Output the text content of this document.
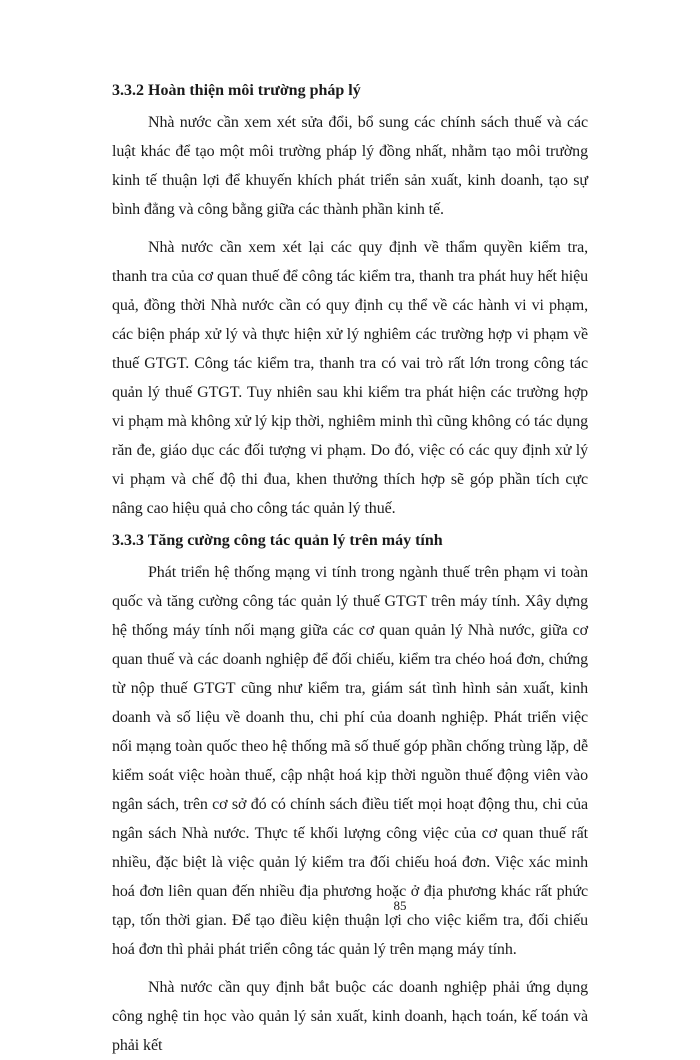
3.3.2 Hoàn thiện môi trường pháp lý

Nhà nước cần xem xét sửa đổi, bổ sung các chính sách thuế và các luật khác để tạo một môi trường pháp lý đồng nhất, nhằm tạo môi trường kinh tế thuận lợi để khuyến khích phát triển sản xuất, kinh doanh, tạo sự bình đẳng và công bằng giữa các thành phần kinh tế.

Nhà nước cần xem xét lại các quy định về thẩm quyền kiểm tra, thanh tra của cơ quan thuế để công tác kiểm tra, thanh tra phát huy hết hiệu quả, đồng thời Nhà nước cần có quy định cụ thể về các hành vi vi phạm, các biện pháp xử lý và thực hiện xử lý nghiêm các trường hợp vi phạm về thuế GTGT. Công tác kiểm tra, thanh tra có vai trò rất lớn trong công tác quản lý thuế GTGT. Tuy nhiên sau khi kiểm tra phát hiện các trường hợp vi phạm mà không xử lý kịp thời, nghiêm minh thì cũng không có tác dụng răn đe, giáo dục các đối tượng vi phạm. Do đó, việc có các quy định xử lý vi phạm và chế độ thi đua, khen thưởng thích hợp sẽ góp phần tích cực nâng cao hiệu quả cho công tác quản lý thuế.

3.3.3 Tăng cường công tác quản lý trên máy tính

Phát triển hệ thống mạng vi tính trong ngành thuế trên phạm vi toàn quốc và tăng cường công tác quản lý thuế GTGT trên máy tính. Xây dựng hệ thống máy tính nối mạng giữa các cơ quan quản lý Nhà nước, giữa cơ quan thuế và các doanh nghiệp để đối chiếu, kiểm tra chéo hoá đơn, chứng từ nộp thuế GTGT cũng như kiểm tra, giám sát tình hình sản xuất, kinh doanh và số liệu về doanh thu, chi phí của doanh nghiệp. Phát triển việc nối mạng toàn quốc theo hệ thống mã số thuế góp phần chống trùng lặp, dễ kiểm soát việc hoàn thuế, cập nhật hoá kịp thời nguồn thuế động viên vào ngân sách, trên cơ sở đó có chính sách điều tiết mọi hoạt động thu, chi của ngân sách Nhà nước. Thực tế khối lượng công việc của cơ quan thuế rất nhiều, đặc biệt là việc quản lý kiểm tra đối chiếu hoá đơn. Việc xác minh hoá đơn liên quan đến nhiều địa phương hoặc ở địa phương khác rất phức tạp, tốn thời gian. Để tạo điều kiện thuận lợi cho việc kiểm tra, đối chiếu hoá đơn thì phải phát triển công tác quản lý trên mạng máy tính.

Nhà nước cần quy định bắt buộc các doanh nghiệp phải ứng dụng công nghệ tin học vào quản lý sản xuất, kinh doanh, hạch toán, kế toán và phải kết

85
